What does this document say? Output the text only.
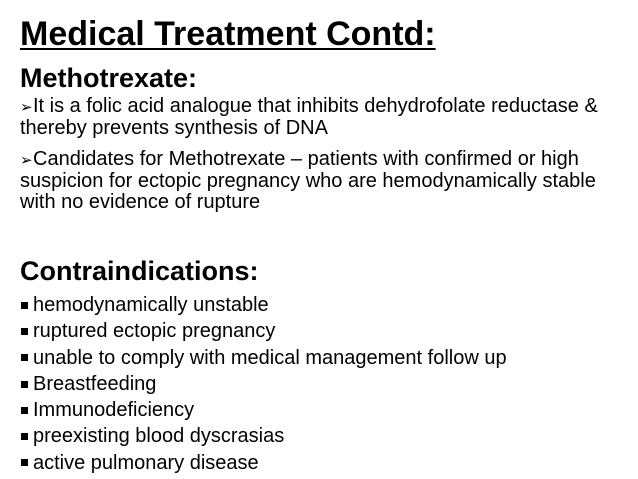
Medical Treatment Contd:
Methotrexate:

➢It is a folic acid analogue that inhibits dehydrofolate reductase & thereby prevents synthesis of DNA

➢Candidates for Methotrexate – patients with confirmed or high suspicion for ectopic pregnancy who are hemodynamically stable with no evidence of rupture

Contraindications:
hemodynamically unstable
ruptured ectopic pregnancy
unable to comply with medical management follow up
Breastfeeding
Immunodeficiency
preexisting blood dyscrasias
active pulmonary disease
